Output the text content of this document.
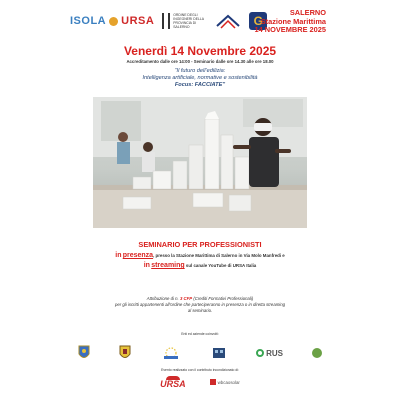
ISOLA URSA	ORDINE DEGLI INGEGNERI DELLA PROVINCIA DI SALERNO	G
SALERNO
Stazione Marittima
14 NOVEMBRE 2025
Venerdì 14 Novembre 2025
Accreditamento dalle ore 14:00 - Seminario dalle ore 14.30 alle ore 18.00
“Il futuro dell’edilizia:
Intelligenza artificiale, normative e sostenibilità
Focus: FACCIATE”
SEMINARIO PER PROFESSIONISTI
in presenza, presso la Stazione Marittima di Salerno in Via Molo Manfredi e
in streaming sul canale YouTube di URSA Italia
Attribuzione di n. 3 CFP (Crediti Formativi Professionali)
per gli iscritti appartenenti all’ordine che parteciperanno in presenza o in diretta streaming
al seminario.
Enti ed aziende coinvolti:
RUS
Evento realizzato con il contributo incondizionato di:
URSA	wbcaosolar
